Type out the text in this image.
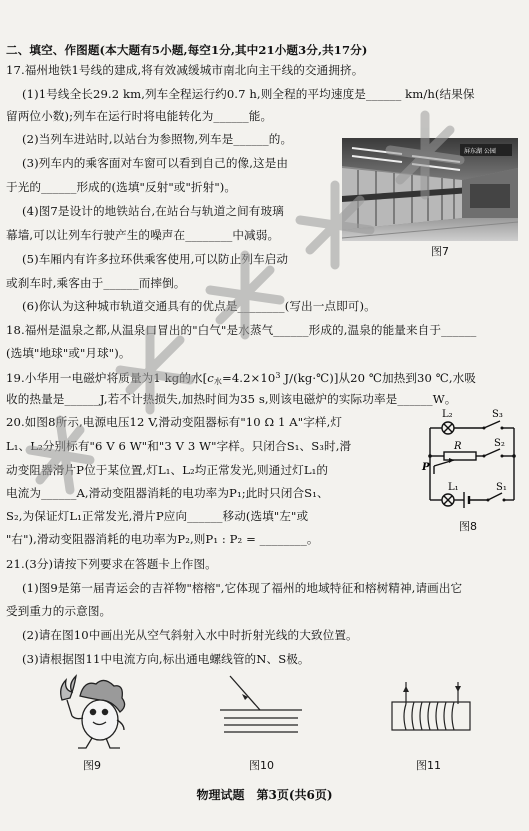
二、填空、作图题(本大题有5小题,每空1分,其中21小题3分,共17分)
17.福州地铁1号线的建成,将有效减缓城市南北向主干线的交通拥挤。
(1)1号线全长29.2 km,列车全程运行约0.7 h,则全程的平均速度是______ km/h(结果保
留两位小数);列车在运行时将电能转化为______能。
(2)当列车进站时,以站台为参照物,列车是______的。
(3)列车内的乘客面对车窗可以看到自己的像,这是由
于光的______形成的(选填"反射"或"折射")。
(4)图7是设计的地铁站台,在站台与轨道之间有玻璃
幕墙,可以让列车行驶产生的噪声在________中减弱。
(5)车厢内有许多拉环供乘客使用,可以防止列车启动
或刹车时,乘客由于______而摔倒。
(6)你认为这种城市轨道交通具有的优点是________(写出一点即可)。
屏东湖 公园
图7
18.福州是温泉之都,从温泉口冒出的"白气"是水蒸气______形成的,温泉的能量来自于______
(选填"地球"或"月球")。
19.小华用一电磁炉将质量为1 kg的水[$c_水=4.2\times 10^3$ J/(kg·℃)]从20 ℃加热到30 ℃,水吸
收的热量是______J,若不计热损失,加热时间为35 s,则该电磁炉的实际功率是______W。
20.如图8所示,电源电压12 V,滑动变阻器标有"10 Ω 1 A"字样,灯
L₁、L₂分别标有"6 V 6 W"和"3 V 3 W"字样。只闭合S₁、S₃时,滑
动变阻器滑片P位于某位置,灯L₁、L₂均正常发光,则通过灯L₁的
电流为______A,滑动变阻器消耗的电功率为P₁;此时只闭合S₁、
S₂,为保证灯L₁正常发光,滑片P应向______移动(选填"左"或
"右"),滑动变阻器消耗的电功率为P₂,则P₁ : P₂ = ________。
L₂	S₃
R	S₂
P
L₁	S₁
图8
21.(3分)请按下列要求在答题卡上作图。
(1)图9是第一届青运会的吉祥物"榕榕",它体现了福州的地域特征和榕树精神,请画出它
受到重力的示意图。
(2)请在图10中画出光从空气斜射入水中时折射光线的大致位置。
(3)请根据图11中电流方向,标出通电螺线管的N、S极。
图9	图10	图11
物理试题　第3页(共6页)
